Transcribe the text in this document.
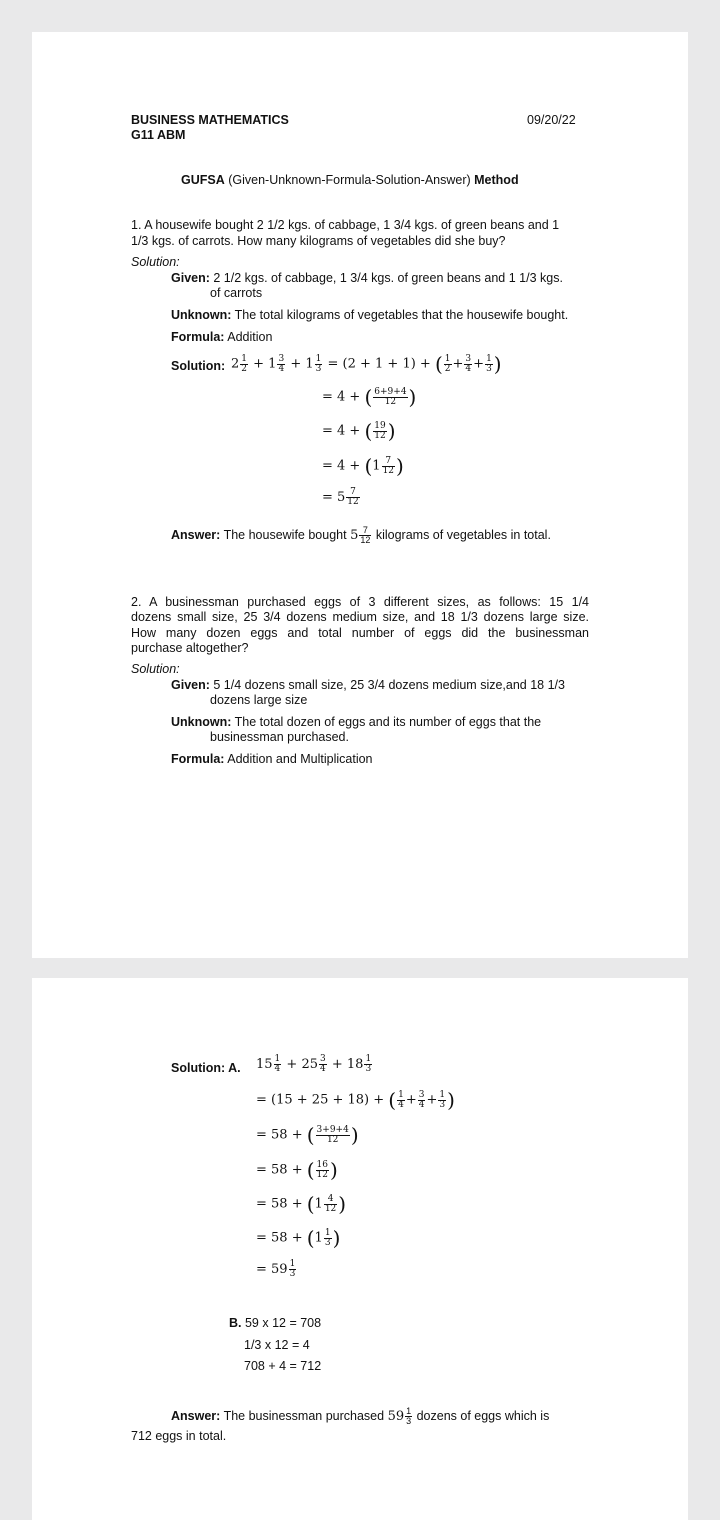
BUSINESS MATHEMATICS
G11 ABM
09/20/22
GUFSA (Given-Unknown-Formula-Solution-Answer) Method
1. A housewife bought 2 1/2 kgs. of cabbage, 1 3/4 kgs. of green beans and 1
1/3 kgs. of carrots. How many kilograms of vegetables did she buy?
Solution:
Given: 2 1/2 kgs. of cabbage, 1 3/4 kgs. of green beans and 1 1/3 kgs.
of carrots
Unknown: The total kilograms of vegetables that the housewife bought.
Formula: Addition
Solution: $2 \frac{1}{2} + 1 \frac{3}{4} + 1 \frac{1}{3} = (2 + 1 + 1)$ + ( $\frac{1}{2} + \frac{3}{4} + \frac{1}{3}$ )
= 4 + ( $\frac{6+9+4}{12}$ )
= 4 + ( $\frac{19}{12}$ )
= $4 + (1 \frac{7}{12}$ )
= $5 \frac{7}{12}$
Answer: The housewife bought $5 \frac{7}{12}$ kilograms of vegetables in total.
2. A businessman purchased eggs of 3 different sizes, as follows: 15 1/4
dozens small size, 25 3/4 dozens medium size, and 18 1/3 dozens large size.
How many dozen eggs and total number of eggs did the businessman
purchase altogether?
Solution:
Given: 5 1/4 dozens small size, 25 3/4 dozens medium size,and 18 1/3
dozens large size
Unknown: The total dozen of eggs and its number of eggs that the
businessman purchased.
Formula: Addition and Multiplication
Solution: A. $15 \frac{1}{4} + 25 \frac{3}{4} + 18 \frac{1}{3}$
= (15 + 25 + 18) + ( $\frac{1}{4} + \frac{3}{4} + \frac{1}{3}$ )
= 58 + ( $\frac{3+9+4}{12}$ )
= 58 + ( $\frac{16}{12}$ )
= $58 + (1 \frac{4}{12}$ )
= $58 + (1 \frac{1}{3}$ )
= $59 \frac{1}{3}$
B. 59 x 12 = 708
1/3 x 12 = 4
708 + 4 = 712
Answer: The businessman purchased $59 \frac{1}{3}$ dozens of eggs which is
712 eggs in total.
